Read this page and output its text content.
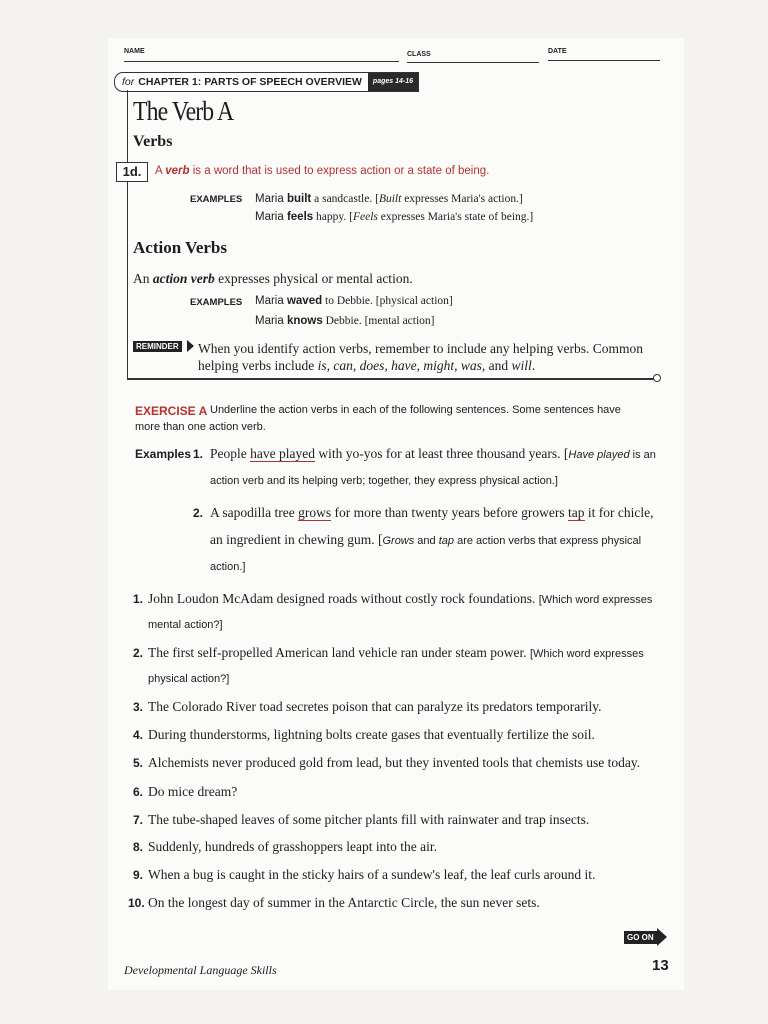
NAME	CLASS	DATE
for CHAPTER 1: PARTS OF SPEECH OVERVIEW	pages 14-16
The Verb A
Verbs
1d.	A verb is a word that is used to express action or a state of being.
EXAMPLES Maria built a sandcastle. [Built expresses Maria's action.]
Maria feels happy. [Feels expresses Maria's state of being.]
Action Verbs
An action verb expresses physical or mental action.
EXAMPLES Maria waved to Debbie. [physical action]
Maria knows Debbie. [mental action]
REMINDER When you identify action verbs, remember to include any helping verbs. Common
helping verbs include is, can, does, have, might, was, and will.
EXERCISE A Underline the action verbs in each of the following sentences. Some sentences have
more than one action verb.
Examples 1. People have played with yo-yos for at least three thousand years. [Have played is an
action verb and its helping verb; together, they express physical action.]
2. A sapodilla tree grows for more than twenty years before growers tap it for chicle,
an ingredient in chewing gum. [Grows and tap are action verbs that express physical
action.]
1.
mental action?]
John Loudon McAdam designed roads without costly rock foundations. [Which word expresses
2.
physical action?]
The first self-propelled American land vehicle ran under steam power. [Which word expresses
3. The Colorado River toad secretes poison that can paralyze its predators temporarily.
4. During thunderstorms, lightning bolts create gases that eventually fertilize the soil.
5. Alchemists never produced gold from lead, but they invented tools that chemists use today.
6. Do mice dream?
7. The tube-shaped leaves of some pitcher plants fill with rainwater and trap insects.
8. Suddenly, hundreds of grasshoppers leapt into the air.
9. When a bug is caught in the sticky hairs of a sundew's leaf, the leaf curls around it.
10. On the longest day of summer in the Antarctic Circle, the sun never sets.
GO ON
Developmental Language Skills	13
